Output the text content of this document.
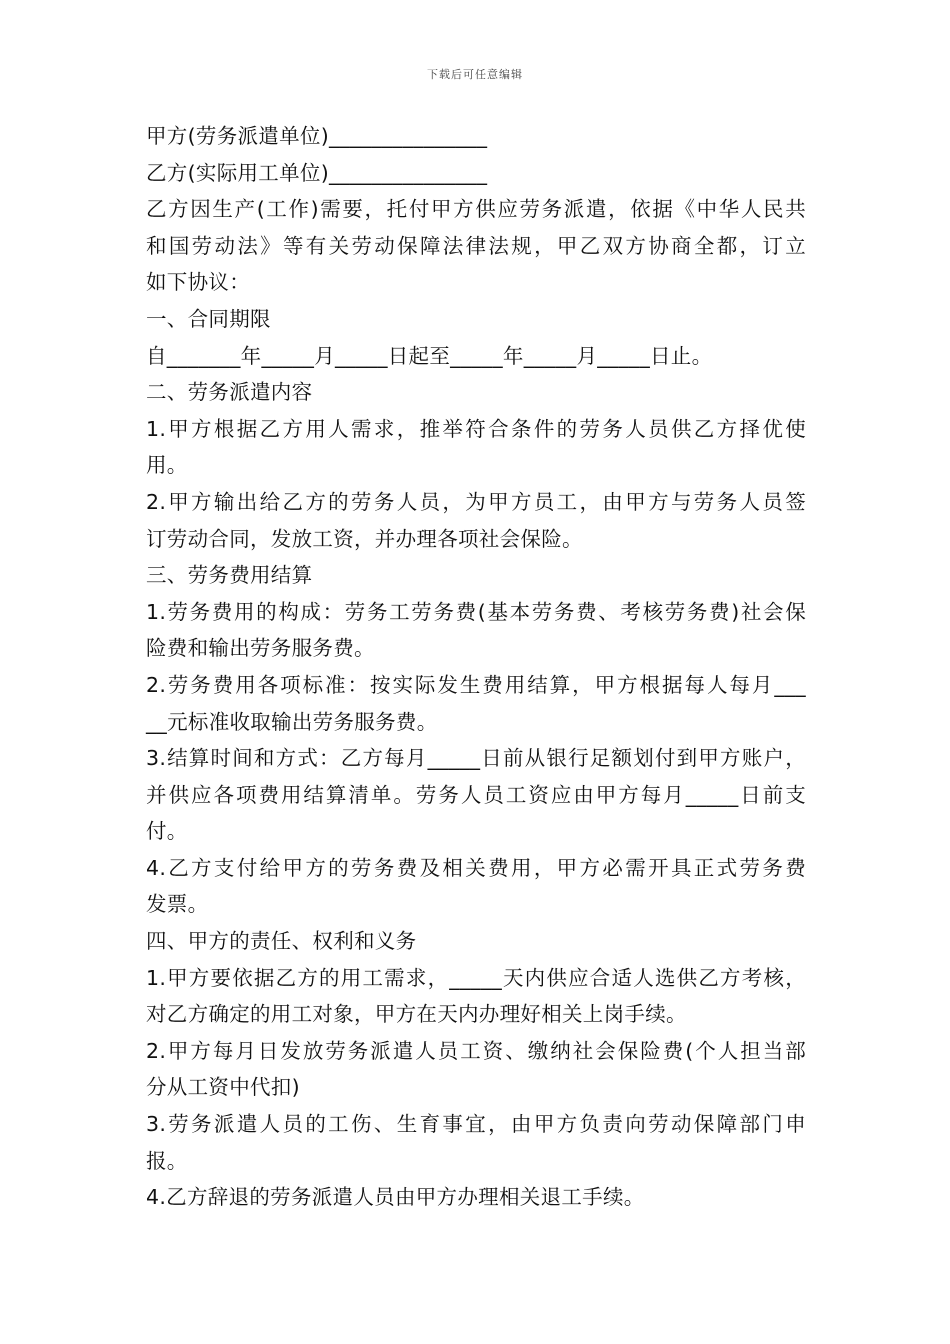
下载后可任意编辑
甲方(劳务派遣单位)_______________
乙方(实际用工单位)_______________
乙方因生产(工作)需要，托付甲方供应劳务派遣，依据《中华人民共
和国劳动法》等有关劳动保障法律法规，甲乙双方协商全都，订立
如下协议：
一、合同期限
自_______年_____月_____日起至_____年_____月_____日止。
二、劳务派遣内容
1.甲方根据乙方用人需求，推举符合条件的劳务人员供乙方择优使
用。
2.甲方输出给乙方的劳务人员，为甲方员工，由甲方与劳务人员签
订劳动合同，发放工资，并办理各项社会保险。
三、劳务费用结算
1.劳务费用的构成：劳务工劳务费(基本劳务费、考核劳务费)社会保
险费和输出劳务服务费。
2.劳务费用各项标准：按实际发生费用结算，甲方根据每人每月___
__元标准收取输出劳务服务费。
3.结算时间和方式：乙方每月_____日前从银行足额划付到甲方账户，
并供应各项费用结算清单。劳务人员工资应由甲方每月_____日前支
付。
4.乙方支付给甲方的劳务费及相关费用，甲方必需开具正式劳务费
发票。
四、甲方的责任、权利和义务
1.甲方要依据乙方的用工需求，_____天内供应合适人选供乙方考核，
对乙方确定的用工对象，甲方在天内办理好相关上岗手续。
2.甲方每月日发放劳务派遣人员工资、缴纳社会保险费(个人担当部
分从工资中代扣)
3.劳务派遣人员的工伤、生育事宜，由甲方负责向劳动保障部门申
报。
4.乙方辞退的劳务派遣人员由甲方办理相关退工手续。
